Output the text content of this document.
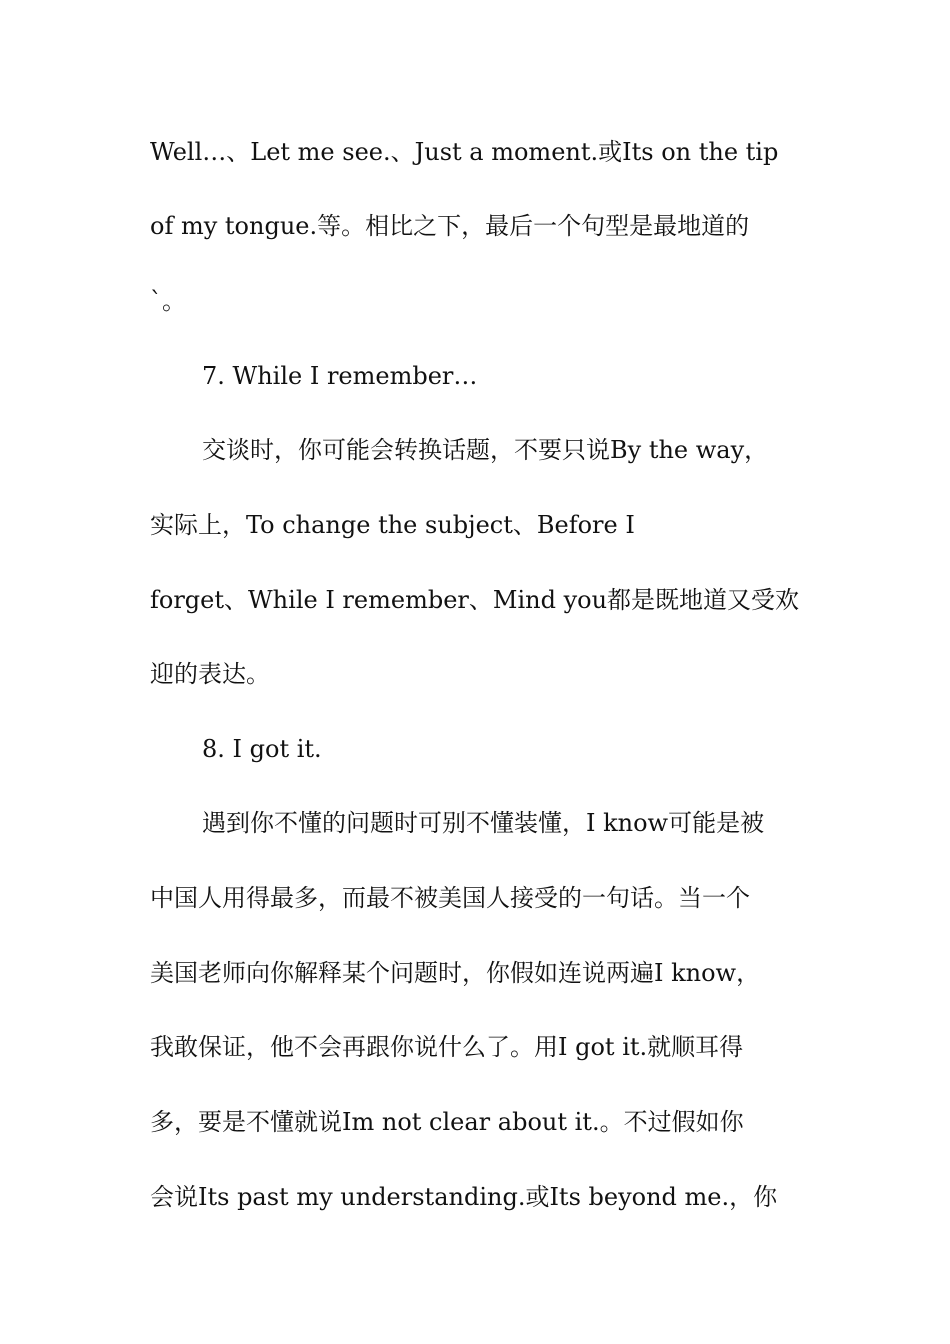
Well…、Let me see.、Just a moment.或Its on the tip
of my tongue.等。相比之下，最后一个句型是最地道的
`。
7. While I remember…
交谈时，你可能会转换话题，不要只说By the way，
实际上，To change the subject、Before I
forget、While I remember、Mind you都是既地道又受欢
迎的表达。
8. I got it.
遇到你不懂的问题时可别不懂装懂，I know可能是被
中国人用得最多，而最不被美国人接受的一句话。当一个
美国老师向你解释某个问题时，你假如连说两遍I know，
我敢保证，他不会再跟你说什么了。用I got it.就顺耳得
多，要是不懂就说Im not clear about it.。不过假如你
会说Its past my understanding.或Its beyond me.，你
